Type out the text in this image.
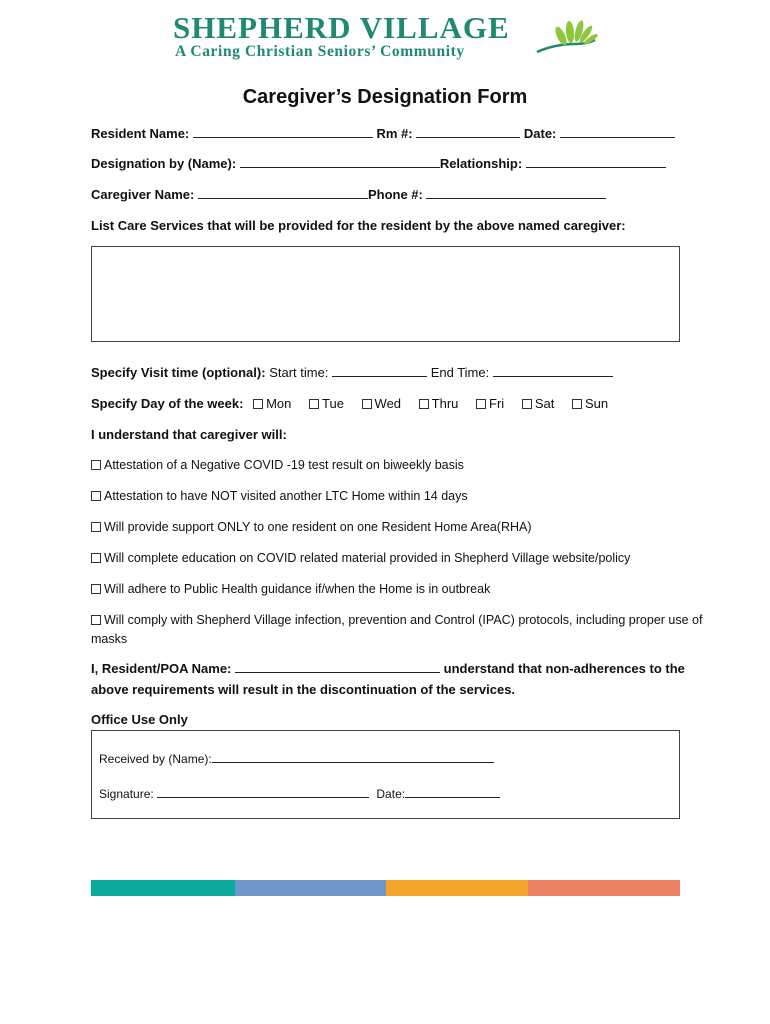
SHEPHERD VILLAGE
A Caring Christian Seniors’ Community
Caregiver’s Designation Form
Resident Name:	Rm #:	Date:
Designation by (Name):	Relationship:
Caregiver Name:	Phone #:
List Care Services that will be provided for the resident by the above named caregiver:
Specify Visit time (optional): Start time:	End Time:
Specify Day of the week: Mon Tue Wed Thru Fri Sat Sun
I understand that caregiver will:
Attestation of a Negative COVID -19 test result on biweekly basis
Attestation to have NOT visited another LTC Home within 14 days
Will provide support ONLY to one resident on one Resident Home Area(RHA)
Will complete education on COVID related material provided in Shepherd Village website/policy
Will adhere to Public Health guidance if/when the Home is in outbreak
Will comply with Shepherd Village infection, prevention and Control (IPAC) protocols, including proper use of masks
I, Resident/POA Name:	understand that non-adherences to the
above requirements will result in the discontinuation of the services.
Office Use Only
Received by (Name):
Signature:	Date:
